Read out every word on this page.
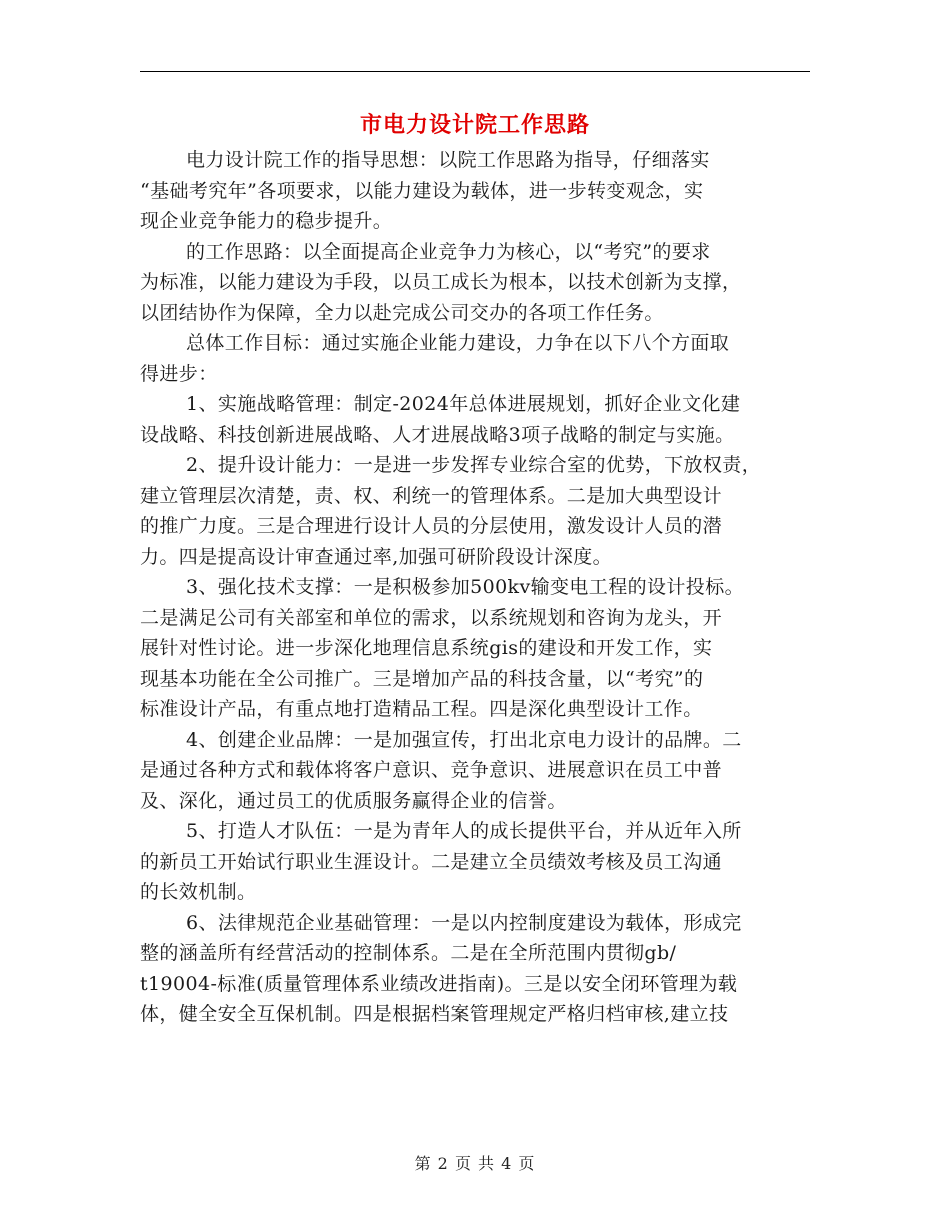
市电力设计院工作思路
电力设计院工作的指导思想：以院工作思路为指导，仔细落实
“基础考究年”各项要求，以能力建设为载体，进一步转变观念，实
现企业竞争能力的稳步提升。
的工作思路：以全面提高企业竞争力为核心，以“考究”的要求
为标准，以能力建设为手段，以员工成长为根本，以技术创新为支撑，
以团结协作为保障，全力以赴完成公司交办的各项工作任务。
总体工作目标：通过实施企业能力建设，力争在以下八个方面取
得进步：
1、实施战略管理：制定-2024年总体进展规划，抓好企业文化建
设战略、科技创新进展战略、人才进展战略3项子战略的制定与实施。
2、提升设计能力：一是进一步发挥专业综合室的优势，下放权责，
建立管理层次清楚，责、权、利统一的管理体系。二是加大典型设计
的推广力度。三是合理进行设计人员的分层使用，激发设计人员的潜
力。四是提高设计审查通过率,加强可研阶段设计深度。
3、强化技术支撑：一是积极参加500kv输变电工程的设计投标。
二是满足公司有关部室和单位的需求，以系统规划和咨询为龙头，开
展针对性讨论。进一步深化地理信息系统gis的建设和开发工作，实
现基本功能在全公司推广。三是增加产品的科技含量，以“考究”的
标准设计产品，有重点地打造精品工程。四是深化典型设计工作。
4、创建企业品牌：一是加强宣传，打出北京电力设计的品牌。二
是通过各种方式和载体将客户意识、竞争意识、进展意识在员工中普
及、深化，通过员工的优质服务赢得企业的信誉。
5、打造人才队伍：一是为青年人的成长提供平台，并从近年入所
的新员工开始试行职业生涯设计。二是建立全员绩效考核及员工沟通
的长效机制。
6、法律规范企业基础管理：一是以内控制度建设为载体，形成完
整的涵盖所有经营活动的控制体系。二是在全所范围内贯彻gb/
t19004-标准(质量管理体系业绩改进指南)。三是以安全闭环管理为载
体，健全安全互保机制。四是根据档案管理规定严格归档审核,建立技
第 2 页 共 4 页
